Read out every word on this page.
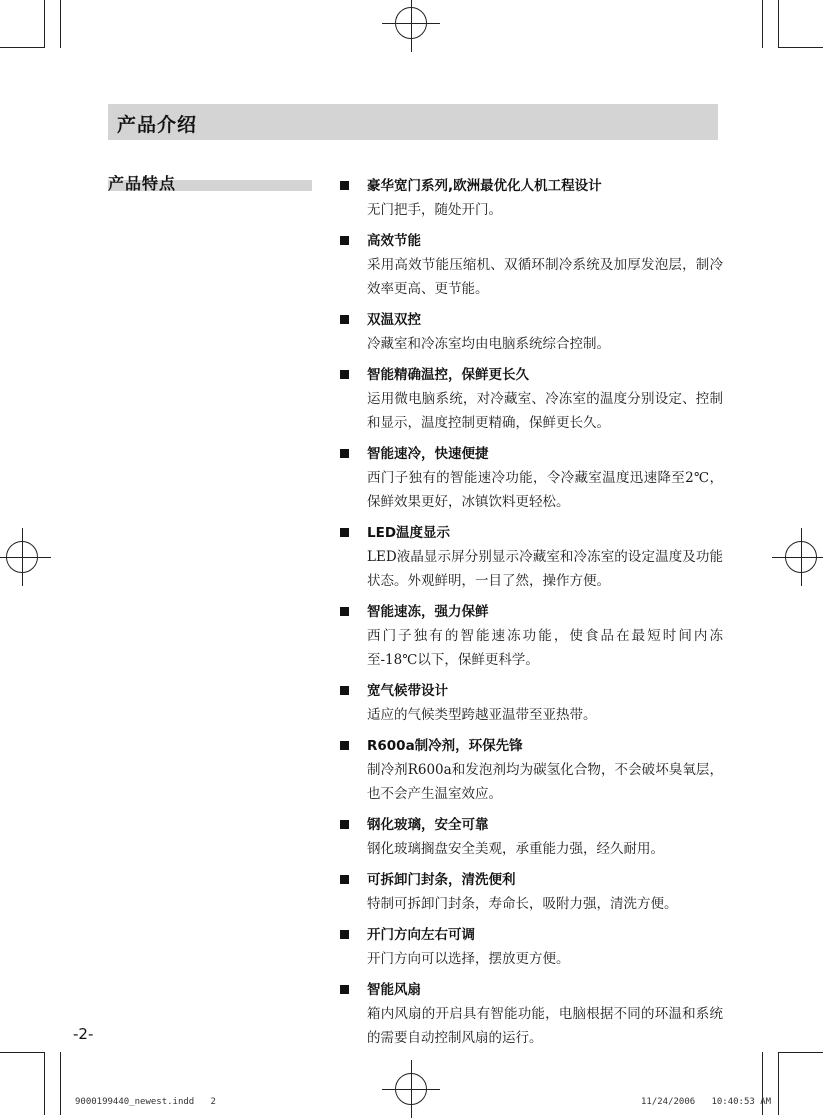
产品介绍
产品特点	豪华宽门系列,欧洲最优化人机工程设计
无门把手，随处开门。
高效节能
采用高效节能压缩机、双循环制冷系统及加厚发泡层，制冷效率更高、更节能。
双温双控
冷藏室和冷冻室均由电脑系统综合控制。
智能精确温控，保鲜更长久
运用微电脑系统，对冷藏室、冷冻室的温度分别设定、控制和显示，温度控制更精确，保鲜更长久。
智能速冷，快速便捷
西门子独有的智能速冷功能，令冷藏室温度迅速降至2℃，保鲜效果更好，冰镇饮料更轻松。
LED温度显示
LED液晶显示屏分别显示冷藏室和冷冻室的设定温度及功能状态。外观鲜明，一目了然，操作方便。
智能速冻，强力保鲜
西门子独有的智能速冻功能，使食品在最短时间内冻至-18℃以下，保鲜更科学。
宽气候带设计
适应的气候类型跨越亚温带至亚热带。
R600a制冷剂，环保先锋
制冷剂R600a和发泡剂均为碳氢化合物，不会破坏臭氧层，也不会产生温室效应。
钢化玻璃，安全可靠
钢化玻璃搁盘安全美观，承重能力强，经久耐用。
可拆卸门封条，清洗便利
特制可拆卸门封条，寿命长，吸附力强，清洗方便。
开门方向左右可调
开门方向可以选择，摆放更方便。
智能风扇
箱内风扇的开启具有智能功能，电脑根据不同的环温和系统的需要自动控制风扇的运行。
-2-
9000199440_newest.indd   2	11/24/2006   10:40:53 AM
